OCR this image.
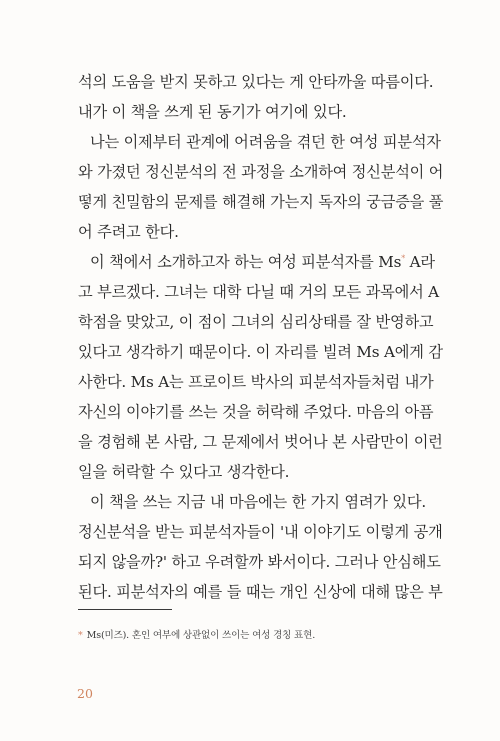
석의 도움을 받지 못하고 있다는 게 안타까울 따름이다.
내가 이 책을 쓰게 된 동기가 여기에 있다.
나는 이제부터 관계에 어려움을 겪던 한 여성 피분석자
와 가졌던 정신분석의 전 과정을 소개하여 정신분석이 어
떻게 친밀함의 문제를 해결해 가는지 독자의 궁금증을 풀
어 주려고 한다.
이 책에서 소개하고자 하는 여성 피분석자를 Ms* A라
고 부르겠다. 그녀는 대학 다닐 때 거의 모든 과목에서 A
학점을 맞았고, 이 점이 그녀의 심리상태를 잘 반영하고
있다고 생각하기 때문이다. 이 자리를 빌려 Ms A에게 감
사한다. Ms A는 프로이트 박사의 피분석자들처럼 내가
자신의 이야기를 쓰는 것을 허락해 주었다. 마음의 아픔
을 경험해 본 사람, 그 문제에서 벗어나 본 사람만이 이런
일을 허락할 수 있다고 생각한다.
이 책을 쓰는 지금 내 마음에는 한 가지 염려가 있다.
정신분석을 받는 피분석자들이 '내 이야기도 이렇게 공개
되지 않을까?' 하고 우려할까 봐서이다. 그러나 안심해도
된다. 피분석자의 예를 들 때는 개인 신상에 대해 많은 부
* Ms(미즈). 혼인 여부에 상관없이 쓰이는 여성 경칭 표현.
20
